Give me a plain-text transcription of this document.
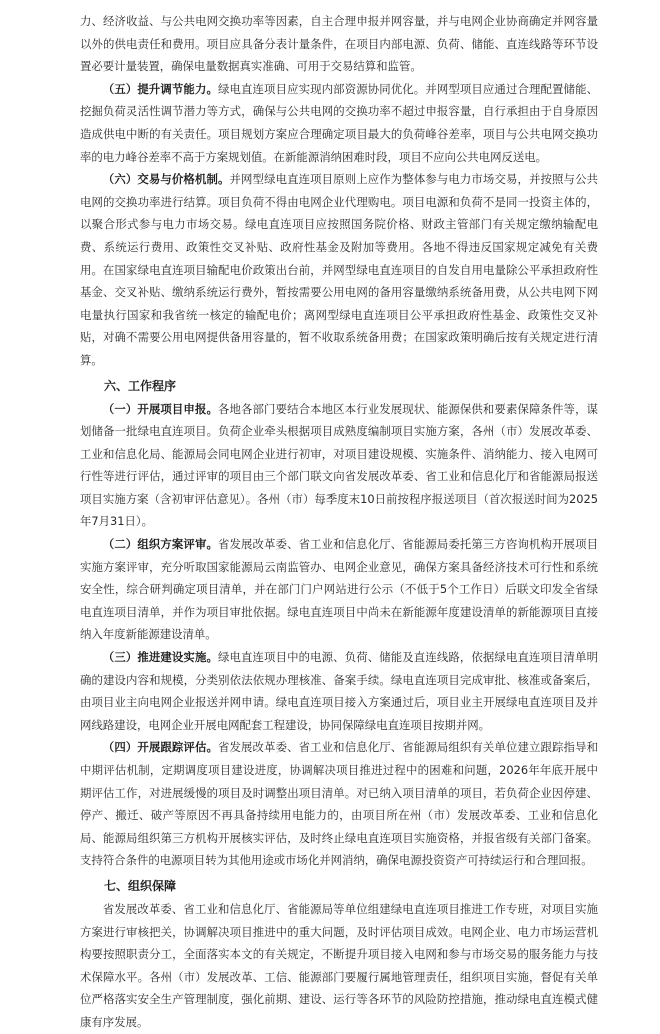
力、经济收益、与公共电网交换功率等因素，自主合理申报并网容量，并与电网企业协商确定并网容量以外的供电责任和费用。项目应具备分表计量条件，在项目内部电源、负荷、储能、直连线路等环节设置必要计量装置，确保电量数据真实准确、可用于交易结算和监管。

（五）提升调节能力。绿电直连项目应实现内部资源协同优化。并网型项目应通过合理配置储能、挖掘负荷灵活性调节潜力等方式，确保与公共电网的交换功率不超过申报容量，自行承担由于自身原因造成供电中断的有关责任。项目规划方案应合理确定项目最大的负荷峰谷差率，项目与公共电网交换功率的电力峰谷差率不高于方案规划值。在新能源消纳困难时段，项目不应向公共电网反送电。

（六）交易与价格机制。并网型绿电直连项目原则上应作为整体参与电力市场交易，并按照与公共电网的交换功率进行结算。项目负荷不得由电网企业代理购电。项目电源和负荷不是同一投资主体的，以聚合形式参与电力市场交易。绿电直连项目应按照国务院价格、财政主管部门有关规定缴纳输配电费、系统运行费用、政策性交叉补贴、政府性基金及附加等费用。各地不得违反国家规定减免有关费用。在国家绿电直连项目输配电价政策出台前，并网型绿电直连项目的自发自用电量除公平承担政府性基金、交叉补贴、缴纳系统运行费外，暂按需要公用电网的备用容量缴纳系统备用费，从公共电网下网电量执行国家和我省统一核定的输配电价；离网型绿电直连项目公平承担政府性基金、政策性交叉补贴，对确不需要公用电网提供备用容量的，暂不收取系统备用费；在国家政策明确后按有关规定进行清算。

六、工作程序

（一）开展项目申报。各地各部门要结合本地区本行业发展现状、能源保供和要素保障条件等，谋划储备一批绿电直连项目。负荷企业牵头根据项目成熟度编制项目实施方案，各州（市）发展改革委、工业和信息化局、能源局会同电网企业进行初审，对项目建设规模、实施条件、消纳能力、接入电网可行性等进行评估，通过评审的项目由三个部门联文向省发展改革委、省工业和信息化厅和省能源局报送项目实施方案（含初审评估意见）。各州（市）每季度末10日前按程序报送项目（首次报送时间为2025年7月31日）。

（二）组织方案评审。省发展改革委、省工业和信息化厅、省能源局委托第三方咨询机构开展项目实施方案评审，充分听取国家能源局云南监管办、电网企业意见，确保方案具备经济技术可行性和系统安全性，综合研判确定项目清单，并在部门门户网站进行公示（不低于5个工作日）后联文印发全省绿电直连项目清单，并作为项目审批依据。绿电直连项目中尚未在新能源年度建设清单的新能源项目直接纳入年度新能源建设清单。

（三）推进建设实施。绿电直连项目中的电源、负荷、储能及直连线路，依据绿电直连项目清单明确的建设内容和规模，分类别依法依规办理核准、备案手续。绿电直连项目完成审批、核准或备案后，由项目业主向电网企业报送并网申请。绿电直连项目接入方案通过后，项目业主开展绿电直连项目及并网线路建设，电网企业开展电网配套工程建设，协同保障绿电直连项目按期并网。

（四）开展跟踪评估。省发展改革委、省工业和信息化厅、省能源局组织有关单位建立跟踪指导和中期评估机制，定期调度项目建设进度，协调解决项目推进过程中的困难和问题，2026年年底开展中期评估工作，对进展缓慢的项目及时调整出项目清单。对已纳入项目清单的项目，若负荷企业因停建、停产、搬迁、破产等原因不再具备持续用电能力的，由项目所在州（市）发展改革委、工业和信息化局、能源局组织第三方机构开展核实评估，及时终止绿电直连项目实施资格，并报省级有关部门备案。支持符合条件的电源项目转为其他用途或市场化并网消纳，确保电源投资资产可持续运行和合理回报。

七、组织保障

省发展改革委、省工业和信息化厅、省能源局等单位组建绿电直连项目推进工作专班，对项目实施方案进行审核把关，协调解决项目推进中的重大问题，及时评估项目成效。电网企业、电力市场运营机构要按照职责分工，全面落实本文的有关规定，不断提升项目接入电网和参与市场交易的服务能力与技术保障水平。各州（市）发展改革、工信、能源部门要履行属地管理责任，组织项目实施，督促有关单位严格落实安全生产管理制度，强化前期、建设、运行等各环节的风险防控措施，推动绿电直连模式健康有序发展。
